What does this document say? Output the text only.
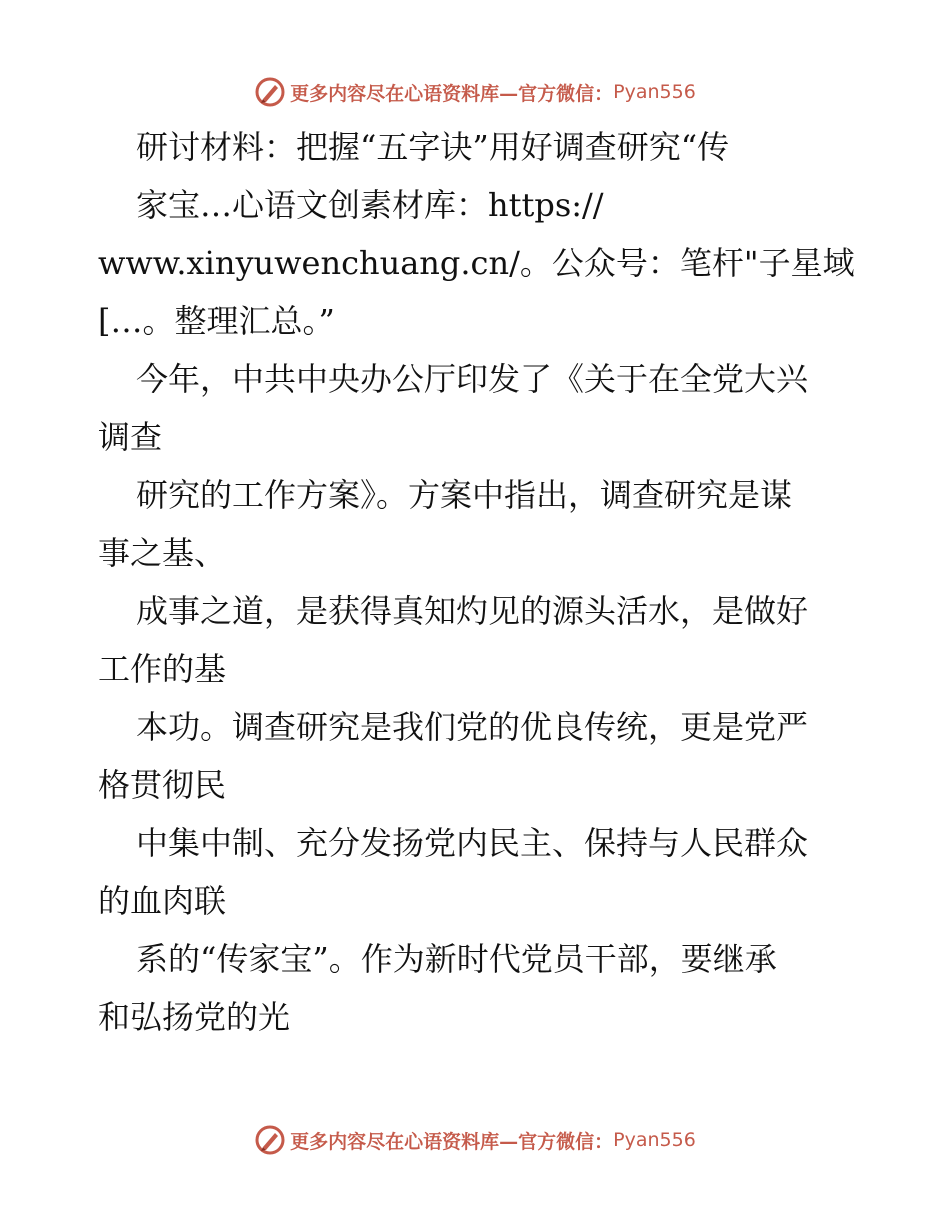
更多内容尽在心语资料库—官方微信： Pyan556
研讨材料：把握“五字诀”用好调查研究“传
家宝…心语文创素材库：https://
www.xinyuwenchuang.cn/。公众号：笔杆"子星域
[…。整理汇总。”
今年，中共中央办公厅印发了《关于在全党大兴
调查
研究的工作方案》。方案中指出，调查研究是谋
事之基、
成事之道，是获得真知灼见的源头活水，是做好
工作的基
本功。调查研究是我们党的优良传统，更是党严
格贯彻民
中集中制、充分发扬党内民主、保持与人民群众
的血肉联
系的“传家宝”。作为新时代党员干部，要继承
和弘扬党的光
更多内容尽在心语资料库—官方微信： Pyan556
